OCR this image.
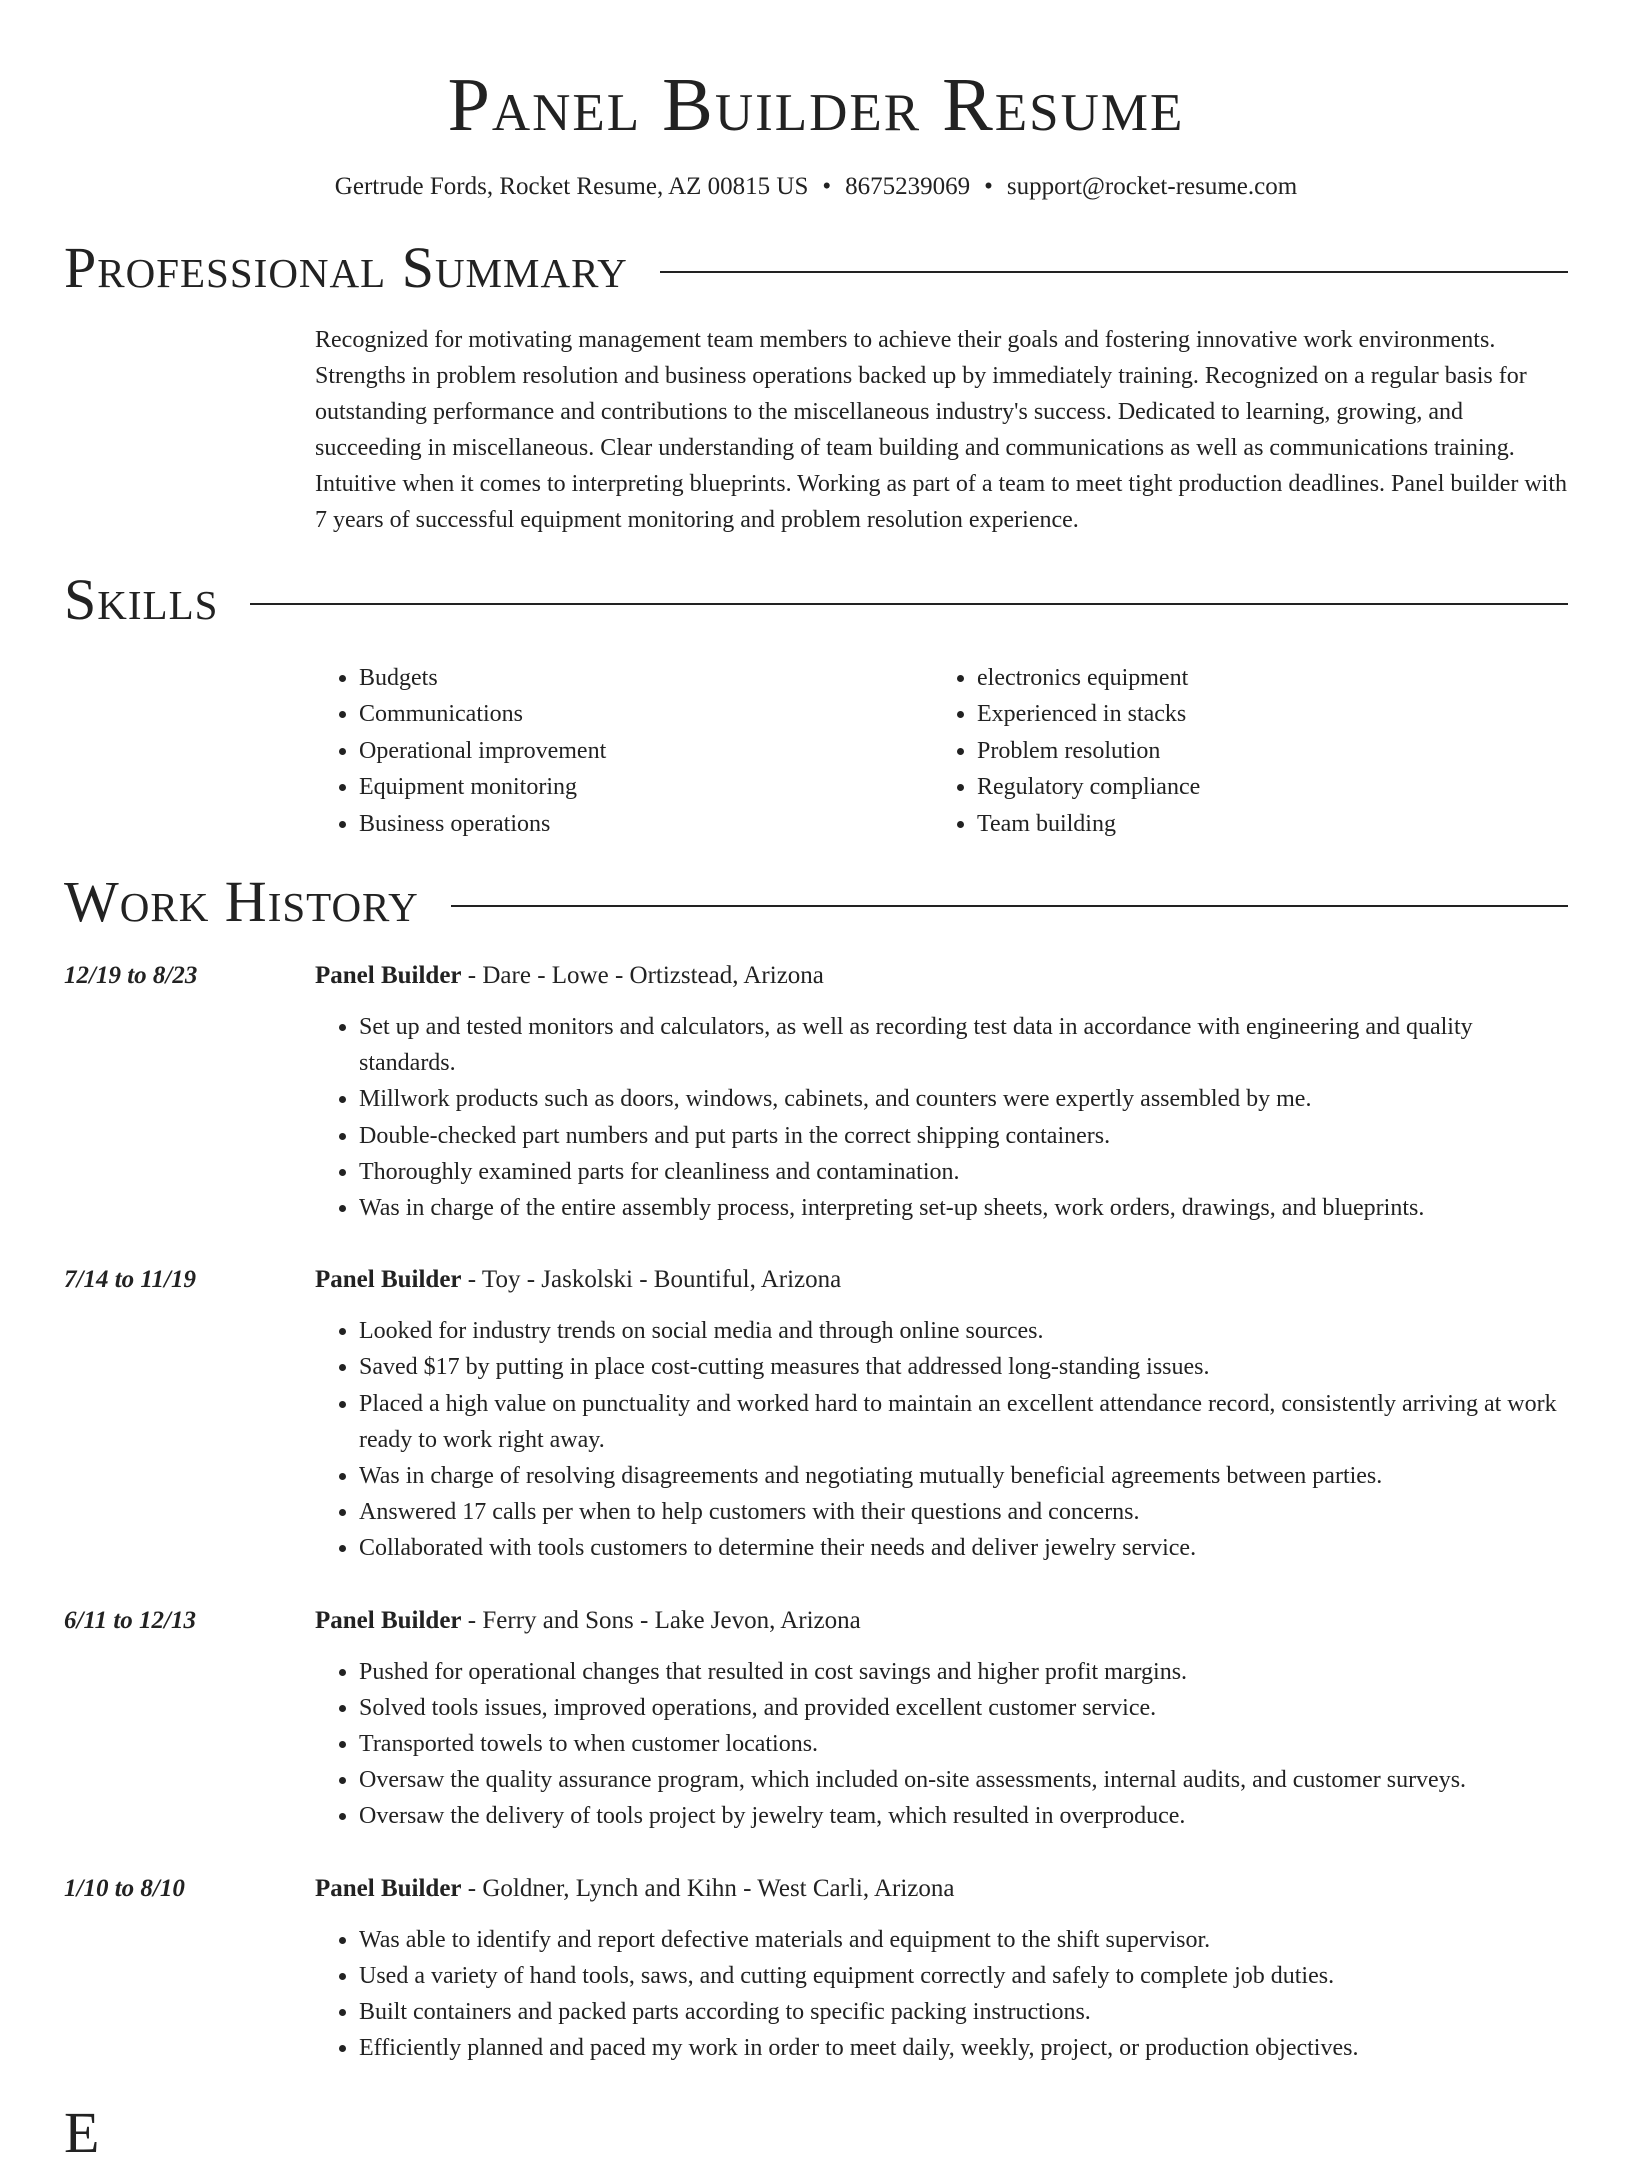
Panel Builder Resume
Gertrude Fords, Rocket Resume, AZ 00815 US • 8675239069 • support@rocket-resume.com
Professional Summary

Recognized for motivating management team members to achieve their goals and fostering innovative work environments. Strengths in problem resolution and business operations backed up by immediately training. Recognized on a regular basis for outstanding performance and contributions to the miscellaneous industry's success. Dedicated to learning, growing, and succeeding in miscellaneous. Clear understanding of team building and communications as well as communications training. Intuitive when it comes to interpreting blueprints. Working as part of a team to meet tight production deadlines. Panel builder with 7 years of successful equipment monitoring and problem resolution experience.

Skills
• Budgets
• Communications
• Operational improvement
• Equipment monitoring
• Business operations
• electronics equipment
• Experienced in stacks
• Problem resolution
• Regulatory compliance
• Team building
Work History
12/19 to 8/23	Panel Builder - Dare - Lowe - Ortizstead, Arizona
• Set up and tested monitors and calculators, as well as recording test data in accordance with engineering and quality standards.
• Millwork products such as doors, windows, cabinets, and counters were expertly assembled by me.
• Double-checked part numbers and put parts in the correct shipping containers.
• Thoroughly examined parts for cleanliness and contamination.
• Was in charge of the entire assembly process, interpreting set-up sheets, work orders, drawings, and blueprints.
7/14 to 11/19	Panel Builder - Toy - Jaskolski - Bountiful, Arizona
• Looked for industry trends on social media and through online sources.
• Saved $17 by putting in place cost-cutting measures that addressed long-standing issues.
• Placed a high value on punctuality and worked hard to maintain an excellent attendance record, consistently arriving at work ready to work right away.
• Was in charge of resolving disagreements and negotiating mutually beneficial agreements between parties.
• Answered 17 calls per when to help customers with their questions and concerns.
• Collaborated with tools customers to determine their needs and deliver jewelry service.
6/11 to 12/13	Panel Builder - Ferry and Sons - Lake Jevon, Arizona
• Pushed for operational changes that resulted in cost savings and higher profit margins.
• Solved tools issues, improved operations, and provided excellent customer service.
• Transported towels to when customer locations.
• Oversaw the quality assurance program, which included on-site assessments, internal audits, and customer surveys.
• Oversaw the delivery of tools project by jewelry team, which resulted in overproduce.
1/10 to 8/10	Panel Builder - Goldner, Lynch and Kihn - West Carli, Arizona
• Was able to identify and report defective materials and equipment to the shift supervisor.
• Used a variety of hand tools, saws, and cutting equipment correctly and safely to complete job duties.
• Built containers and packed parts according to specific packing instructions.
• Efficiently planned and paced my work in order to meet daily, weekly, project, or production objectives.
E
